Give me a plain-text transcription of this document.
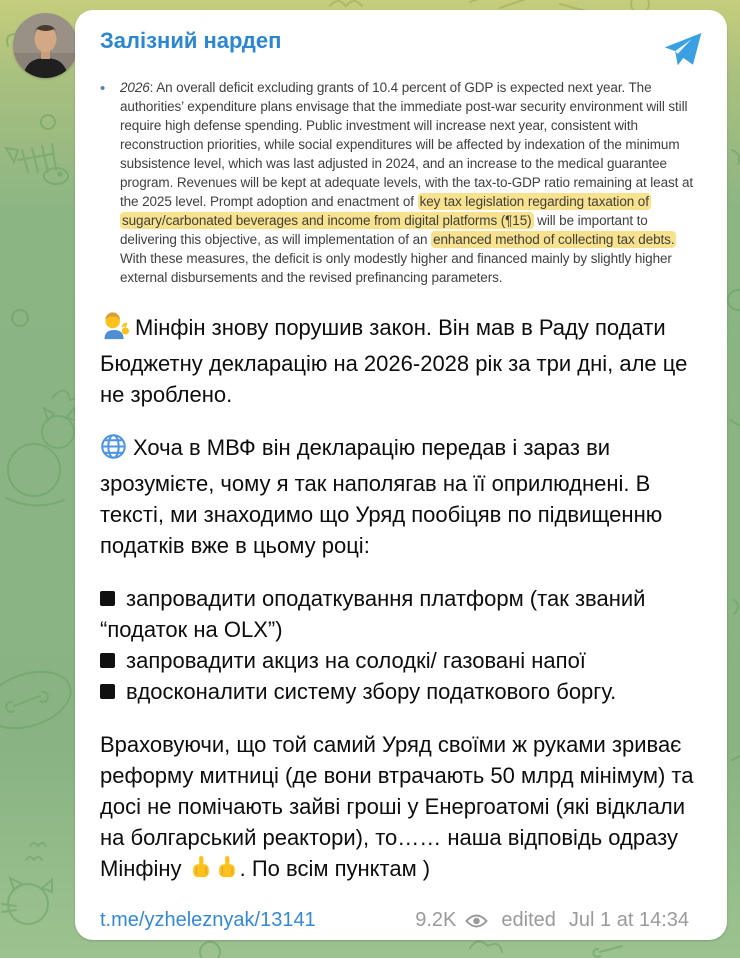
Залізний нардеп
•	2026: An overall deficit excluding grants of 10.4 percent of GDP is expected next year. The authorities’ expenditure plans envisage that the immediate post-war security environment will still require high defense spending. Public investment will increase next year, consistent with reconstruction priorities, while social expenditures will be affected by indexation of the minimum subsistence level, which was last adjusted in 2024, and an increase to the medical guarantee program. Revenues will be kept at adequate levels, with the tax-to-GDP ratio remaining at least at the 2025 level. Prompt adoption and enactment of key tax legislation regarding taxation of sugary/carbonated beverages and income from digital platforms (¶15) will be important to delivering this objective, as will implementation of an enhanced method of collecting tax debts. With these measures, the deficit is only modestly higher and financed mainly by slightly higher external disbursements and the revised prefinancing parameters.

Мінфін знову порушив закон. Він мав в Раду подати Бюджетну декларацію на 2026-2028 рік за три дні, але це не зроблено.

Хоча в МВФ він декларацію передав і зараз ви зрозумієте, чому я так наполягав на її оприлюднені. В тексті, ми знаходимо що Уряд пообіцяв по підвищенню податків вже в цьому році:

запровадити оподаткування платформ (так званий “податок на OLX”)
запровадити акциз на солодкі/ газовані напої
вдосконалити систему збору податкового боргу.

Враховуючи, що той самий Уряд своїми ж руками зриває реформу митниці (де вони втрачають 50 млрд мінімум) та досі не помічають зайві гроші у Енергоатомі (які відклали на болгарський реактори), то…… наша відповідь одразу Мінфіну . По всім пунктам )

t.me/yzheleznyak/13141	9.2K edited Jul 1 at 14:34
